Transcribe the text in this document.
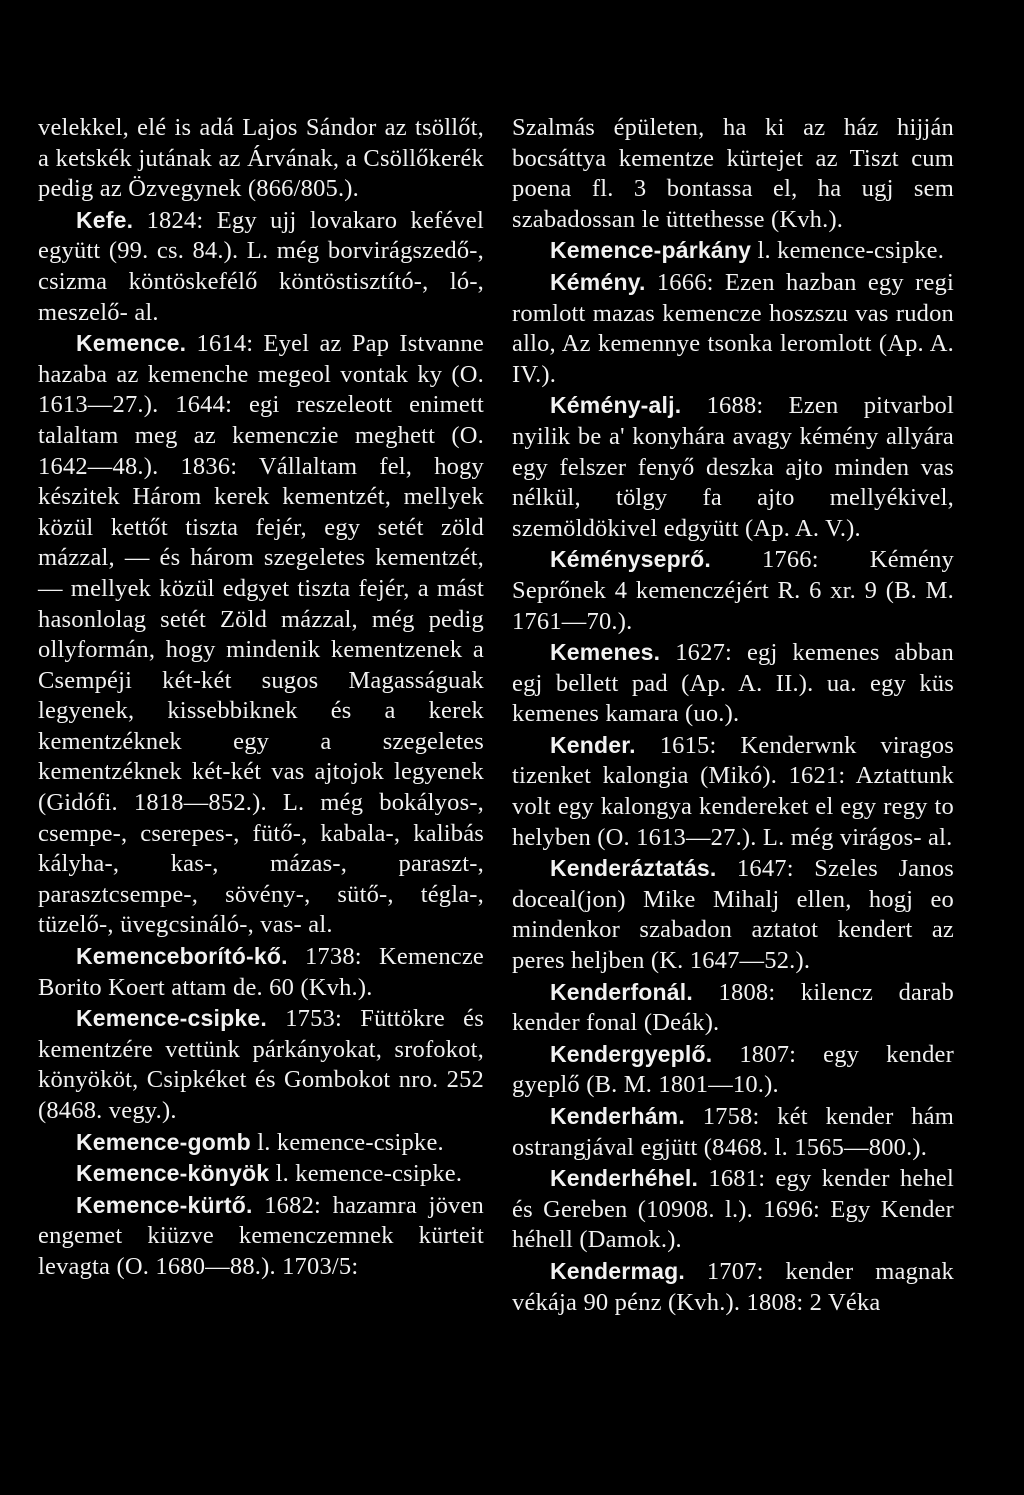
velekkel, elé is adá Lajos Sándor az tsöllőt, a ketskék jutának az Árvának, a Csöllőkerék pedig az Özvegynek (866/805.).

Kefe. 1824: Egy ujj lovakaro kefével együtt (99. cs. 84.). L. még borvirágszedő-, csizma köntöskefélő köntöstisztító-, ló-, meszelő- al.

Kemence. 1614: Eyel az Pap Istvanne hazaba az kemenche megeol vontak ky (O. 1613—27.). 1644: egi reszeleott enimett talaltam meg az kemenczie meghett (O. 1642—48.). 1836: Vállaltam fel, hogy készitek Három kerek kementzét, mellyek közül kettőt tiszta fejér, egy setét zöld mázzal, — és három szegeletes kementzét, — mellyek közül edgyet tiszta fejér, a mást hasonlolag setét Zöld mázzal, még pedig ollyformán, hogy mindenik kementzenek a Csempéji két-két sugos Magasságuak legyenek, kissebbiknek és a kerek kementzéknek egy a szegeletes kementzéknek két-két vas ajtojok legyenek (Gidófi. 1818—852.). L. még bokályos-, csempe-, cserepes-, fütő-, kabala-, kalibás kályha-, kas-, mázas-, paraszt-, parasztcsempe-, sövény-, sütő-, tégla-, tüzelő-, üvegcsináló-, vas- al.

Kemenceborító-kő. 1738: Kemencze Borito Koert attam de. 60 (Kvh.).

Kemence-csipke. 1753: Füttökre és kementzére vettünk párkányokat, srofokot, könyököt, Csipkéket és Gombokot nro. 252 (8468. vegy.).

Kemence-gomb l. kemence-csipke.

Kemence-könyök l. kemence-csipke.

Kemence-kürtő. 1682: hazamra jöven engemet kiüzve kemenczemnek kürteit levagta (O. 1680—88.). 1703/5:

Szalmás épületen, ha ki az ház hijján bocsáttya kementze kürtejet az Tiszt cum poena fl. 3 bontassa el, ha ugj sem szabadossan le üttethesse (Kvh.).

Kemence-párkány l. kemence-csipke.

Kémény. 1666: Ezen hazban egy regi romlott mazas kemencze hoszszu vas rudon allo, Az kemennye tsonka leromlott (Ap. A. IV.).

Kémény-alj. 1688: Ezen pitvarbol nyilik be a' konyhára avagy kémény allyára egy felszer fenyő deszka ajto minden vas nélkül, tölgy fa ajto mellyékivel, szemöldökivel edgyütt (Ap. A. V.).

Kéményseprő. 1766: Kémény Seprőnek 4 kemenczéjért R. 6 xr. 9 (B. M. 1761—70.).

Kemenes. 1627: egj kemenes abban egj bellett pad (Ap. A. II.). ua. egy küs kemenes kamara (uo.).

Kender. 1615: Kenderwnk viragos tizenket kalongia (Mikó). 1621: Aztattunk volt egy kalongya kendereket el egy regy to helyben (O. 1613—27.). L. még virágos- al.

Kenderáztatás. 1647: Szeles Janos doceal(jon) Mike Mihalj ellen, hogj eo mindenkor szabadon aztatot kendert az peres heljben (K. 1647—52.).

Kenderfonál. 1808: kilencz darab kender fonal (Deák).

Kendergyeplő. 1807: egy kender gyeplő (B. M. 1801—10.).

Kenderhám. 1758: két kender hám ostrangjával egjütt (8468. l. 1565—800.).

Kenderhéhel. 1681: egy kender hehel és Gereben (10908. l.). 1696: Egy Kender héhell (Damok.).

Kendermag. 1707: kender magnak vékája 90 pénz (Kvh.). 1808: 2 Véka
